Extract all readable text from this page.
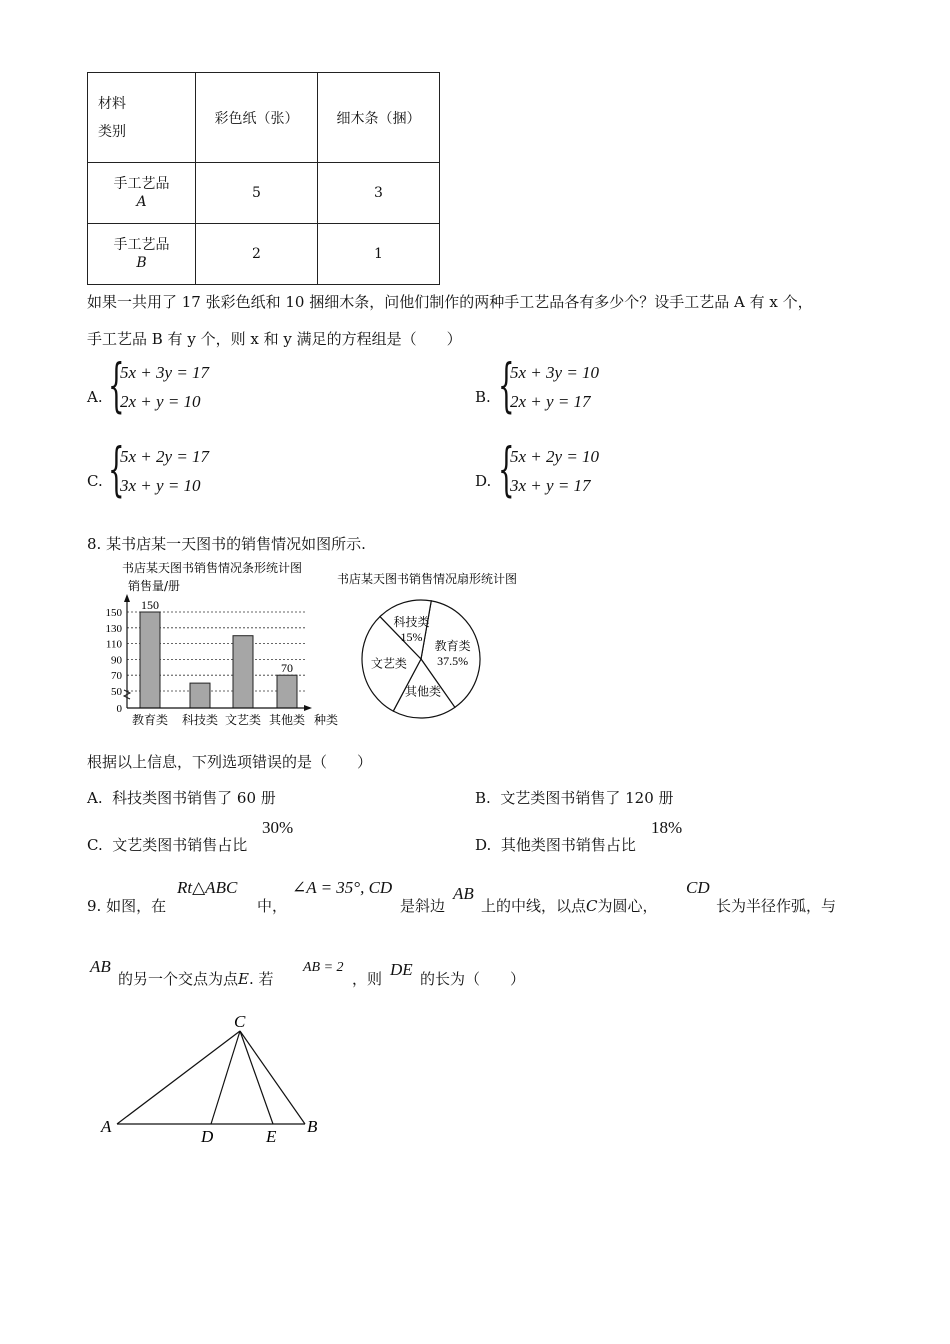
材料
类别	彩色纸（张）	细木条（捆）
手工艺品
A	5	3
手工艺品
B	2	1
如果一共用了 17 张彩色纸和 10 捆细木条，问他们制作的两种手工艺品各有多少个？设手工艺品 A 有 x 个，
手工艺品 B 有 y 个，则 x 和 y 满足的方程组是（　　）
A. {
5x + 3y = 17
2x + y = 10	B. {
5x + 3y = 10
2x + y = 17
C. {
5x + 2y = 17
3x + y = 10	D. {
5x + 2y = 10
3x + y = 17
8. 某书店某一天图书的销售情况如图所示.
书店某天图书销售情况条形统计图
销售量/册
0
50
70
90
110
130
150
150
70
教育类 科技类 文艺类 其他类 种类
书店某天图书销售情况扇形统计图
教育类
37.5%
其他类
文艺类
科技类
15%
根据以上信息，下列选项错误的是（　　）
A. 科技类图书销售了 60 册	B. 文艺类图书销售了 120 册
C. 文艺类图书销售占比
30%
D. 其他类图书销售占比
18%
9. 如图，在
Rt△ABC
中，
∠A = 35°, CD
是斜边
AB
上的中线，以点C为圆心，
CD
长为半径作弧，与
AB
的另一个交点为点E. 若
AB = 2
，则 DE 的长为（　　）
C
A
D	E
B
